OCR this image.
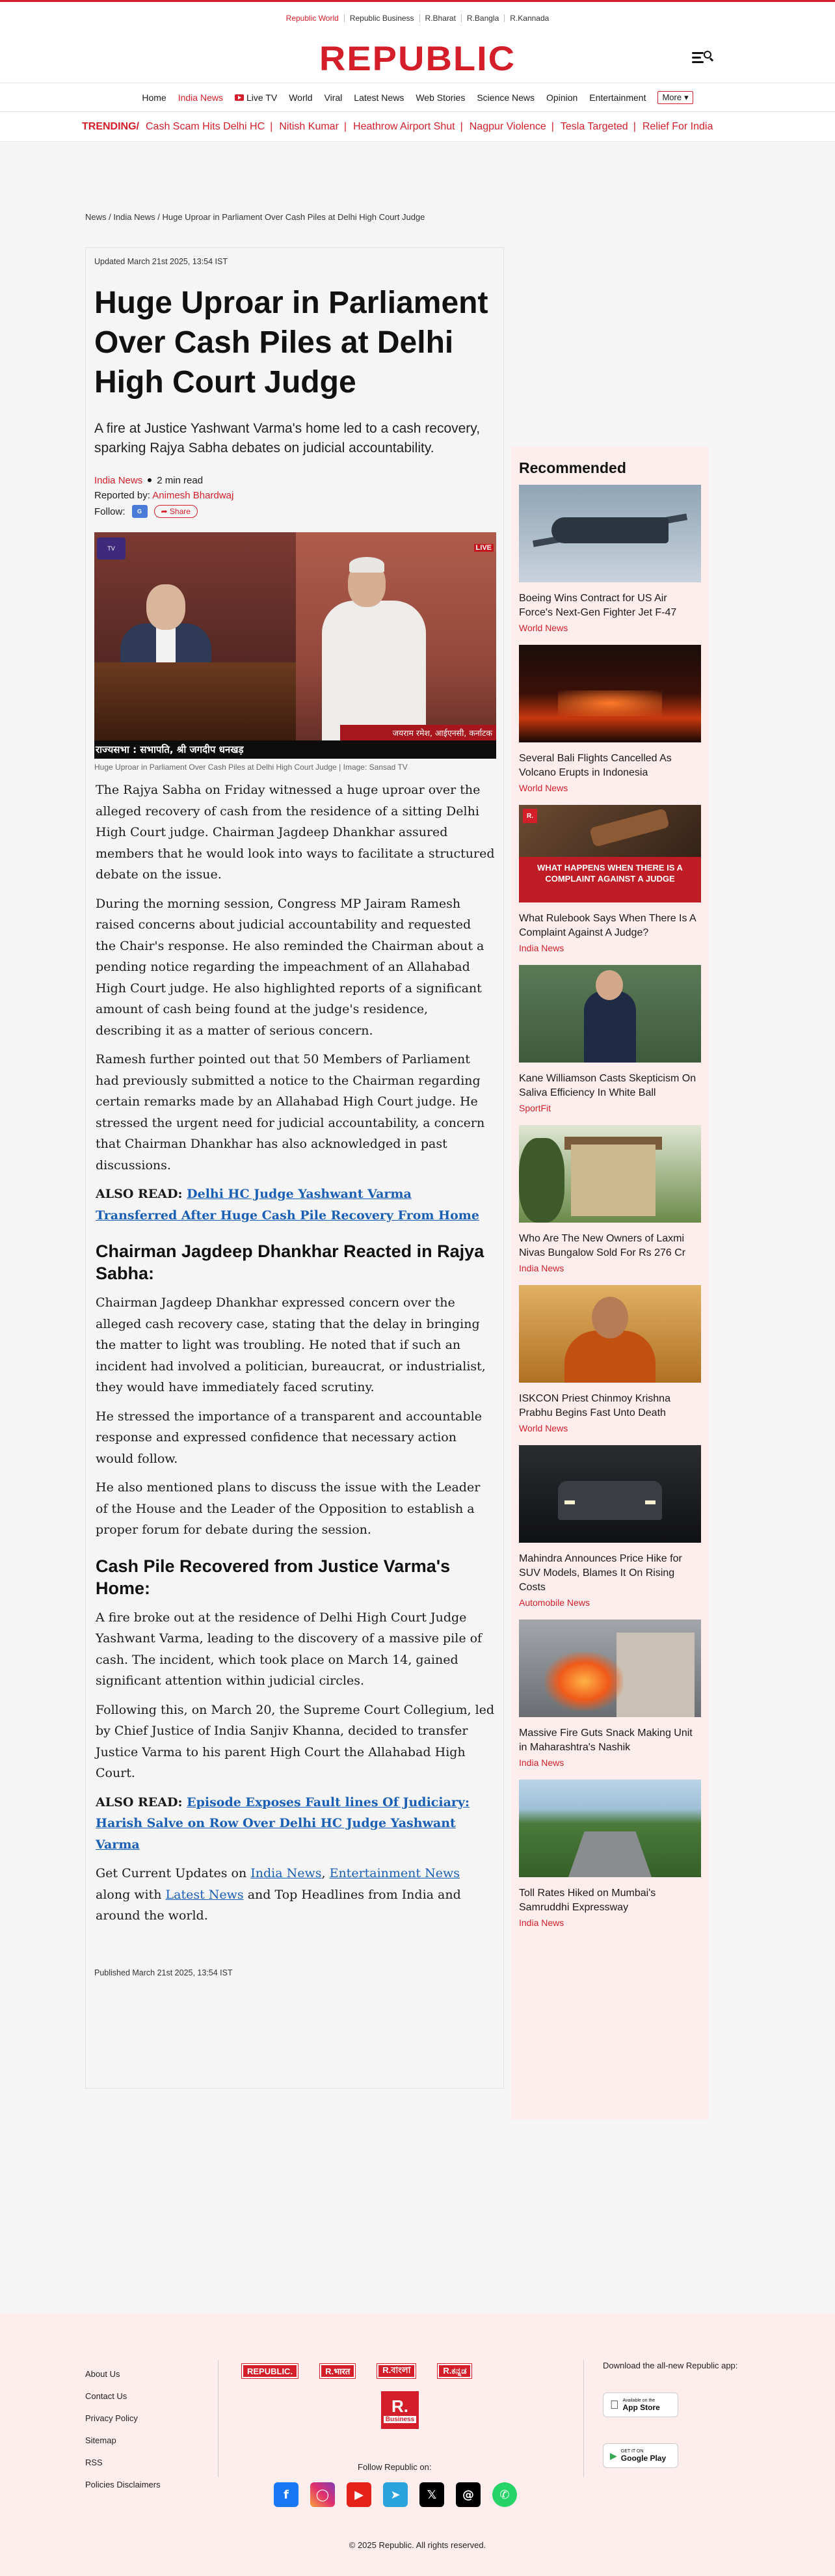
Republic World	Republic Business	R.Bharat	R.Bangla	R.Kannada
REPUBLIC
Home India News	Live TV World Viral Latest News Web Stories Science News Opinion Entertainment More ▾
TRENDING/ Cash Scam Hits Delhi HC | Nitish Kumar | Heathrow Airport Shut | Nagpur Violence | Tesla Targeted | Relief For India
News / India News / Huge Uproar in Parliament Over Cash Piles at Delhi High Court Judge
Updated March 21st 2025, 13:54 IST
Huge Uproar in Parliament Over Cash Piles at Delhi High Court Judge
A fire at Justice Yashwant Varma's home led to a cash recovery, sparking Rajya Sabha debates on judicial accountability.
India News 2 min read
Reported by: Animesh Bhardwaj
Follow:	G	➦ Share
TV	LIVE
जयराम रमेश, आईएनसी, कर्नाटक
राज्यसभा : सभापति, श्री जगदीप धनखड़
Huge Uproar in Parliament Over Cash Piles at Delhi High Court Judge | Image: Sansad TV

The Rajya Sabha on Friday witnessed a huge uproar over the alleged recovery of cash from the residence of a sitting Delhi High Court judge. Chairman Jagdeep Dhankhar assured members that he would look into ways to facilitate a structured debate on the issue.

During the morning session, Congress MP Jairam Ramesh raised concerns about judicial accountability and requested the Chair's response. He also reminded the Chairman about a pending notice regarding the impeachment of an Allahabad High Court judge. He also highlighted reports of a significant amount of cash being found at the judge's residence, describing it as a matter of serious concern.

Ramesh further pointed out that 50 Members of Parliament had previously submitted a notice to the Chairman regarding certain remarks made by an Allahabad High Court judge. He stressed the urgent need for judicial accountability, a concern that Chairman Dhankhar has also acknowledged in past discussions.

ALSO READ: Delhi HC Judge Yashwant Varma Transferred After Huge Cash Pile Recovery From Home

Chairman Jagdeep Dhankhar Reacted in Rajya Sabha:

Chairman Jagdeep Dhankhar expressed concern over the alleged cash recovery case, stating that the delay in bringing the matter to light was troubling. He noted that if such an incident had involved a politician, bureaucrat, or industrialist, they would have immediately faced scrutiny.

He stressed the importance of a transparent and accountable response and expressed confidence that necessary action would follow.

He also mentioned plans to discuss the issue with the Leader of the House and the Leader of the Opposition to establish a proper forum for debate during the session.

Cash Pile Recovered from Justice Varma's Home:

A fire broke out at the residence of Delhi High Court Judge Yashwant Varma, leading to the discovery of a massive pile of cash. The incident, which took place on March 14, gained significant attention within judicial circles.

Following this, on March 20, the Supreme Court Collegium, led by Chief Justice of India Sanjiv Khanna, decided to transfer Justice Varma to his parent High Court the Allahabad High Court.

ALSO READ: Episode Exposes Fault lines Of Judiciary: Harish Salve on Row Over Delhi HC Judge Yashwant Varma

Get Current Updates on India News, Entertainment News along with Latest News and Top Headlines from India and around the world.

Published March 21st 2025, 13:54 IST
Recommended
Boeing Wins Contract for US Air Force's Next-Gen Fighter Jet F-47
World News
Several Bali Flights Cancelled As Volcano Erupts in Indonesia
World News
R.
WHAT HAPPENS WHEN THERE IS A COMPLAINT AGAINST A JUDGE
What Rulebook Says When There Is A Complaint Against A Judge?
India News
Kane Williamson Casts Skepticism On Saliva Efficiency In White Ball
SportFit
Who Are The New Owners of Laxmi Nivas Bungalow Sold For Rs 276 Cr
India News
ISKCON Priest Chinmoy Krishna Prabhu Begins Fast Unto Death
World News
Mahindra Announces Price Hike for SUV Models, Blames It On Rising Costs
Automobile News
Massive Fire Guts Snack Making Unit in Maharashtra's Nashik
India News
Toll Rates Hiked on Mumbai's Samruddhi Expressway
India News
About Us
Contact Us
Privacy Policy
Sitemap
RSS
Policies Disclaimers
REPUBLIC.	R.भारत	R.বাংলা	R.ಕನ್ನಡ
R.
Business
Follow Republic on:
f	◯	▶	➤	𝕏	@	✆
Download the all-new Republic app:
Available on the
App Store
▶ GET IT ON
Google Play
© 2025 Republic. All rights reserved.
